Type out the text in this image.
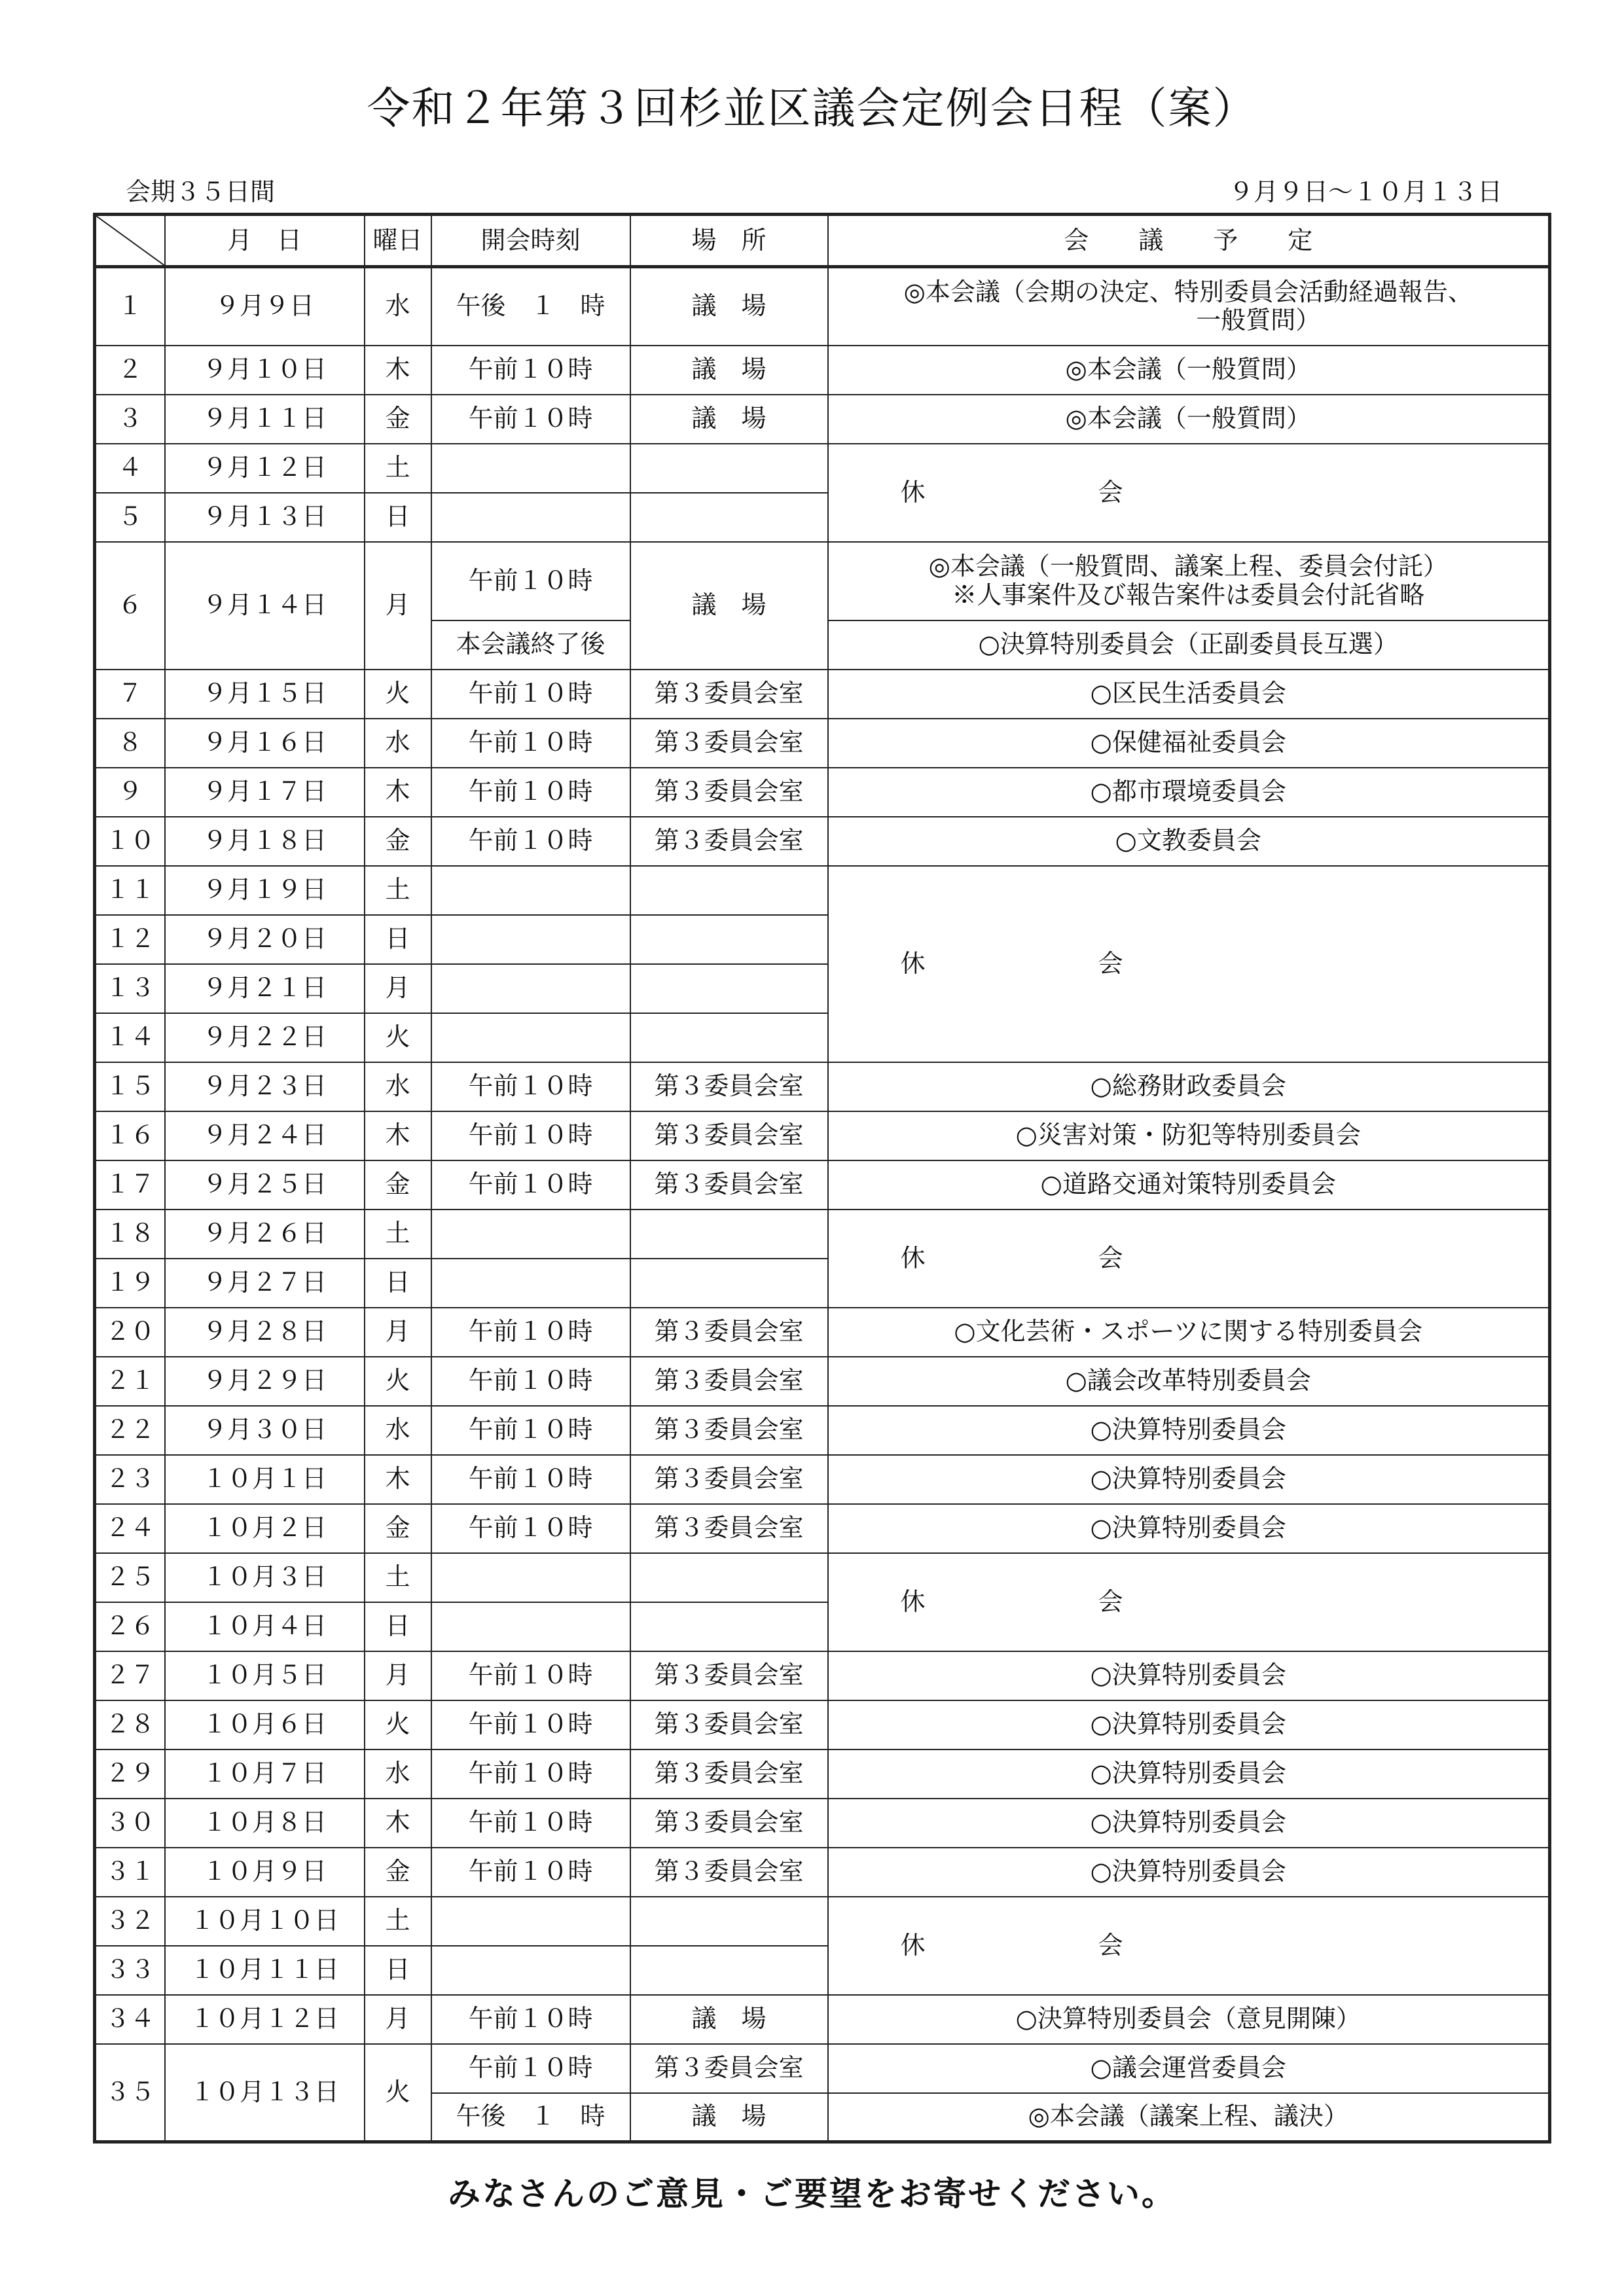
令和２年第３回杉並区議会定例会日程（案）
会期３５日間	９月９日～１０月１３日
	月　日	曜日	開会時刻	場　所	会　　議　　予　　定
１	９月９日	水	午後　１　時	議　場	◎本会議（会期の決定、特別委員会活動経過報告、
一般質問）

２	９月１０日	木	午前１０時	議　場	◎本会議（一般質問）
３	９月１１日	金	午前１０時	議　場	◎本会議（一般質問）
４	９月１２日	土			休 会

５	９月１３日	日			
６	９月１４日	月	午前１０時	議　場	◎本会議（一般質問、議案上程、委員会付託）
※人事案件及び報告案件は委員会付託省略
			本会議終了後		○決算特別委員会（正副委員長互選）
７	９月１５日	火	午前１０時	第３委員会室	○区民生活委員会
８	９月１６日	水	午前１０時	第３委員会室	○保健福祉委員会
９	９月１７日	木	午前１０時	第３委員会室	○都市環境委員会
１０	９月１８日	金	午前１０時	第３委員会室	○文教委員会
１１	９月１９日	土			休 会

１２	９月２０日	日			
１３	９月２１日	月			
１４	９月２２日	火			
１５	９月２３日	水	午前１０時	第３委員会室	○総務財政委員会
１６	９月２４日	木	午前１０時	第３委員会室	○災害対策・防犯等特別委員会
１７	９月２５日	金	午前１０時	第３委員会室	○道路交通対策特別委員会
１８	９月２６日	土			休 会

１９	９月２７日	日			
２０	９月２８日	月	午前１０時	第３委員会室	○文化芸術・スポーツに関する特別委員会
２１	９月２９日	火	午前１０時	第３委員会室	○議会改革特別委員会
２２	９月３０日	水	午前１０時	第３委員会室	○決算特別委員会
２３	１０月１日	木	午前１０時	第３委員会室	○決算特別委員会
２４	１０月２日	金	午前１０時	第３委員会室	○決算特別委員会
２５	１０月３日	土			休 会

２６	１０月４日	日			
２７	１０月５日	月	午前１０時	第３委員会室	○決算特別委員会
２８	１０月６日	火	午前１０時	第３委員会室	○決算特別委員会
２９	１０月７日	水	午前１０時	第３委員会室	○決算特別委員会
３０	１０月８日	木	午前１０時	第３委員会室	○決算特別委員会
３１	１０月９日	金	午前１０時	第３委員会室	○決算特別委員会
３２	１０月１０日	土			休 会

３３	１０月１１日	日			
３４	１０月１２日	月	午前１０時	議　場	○決算特別委員会（意見開陳）
３５	１０月１３日	火	午前１０時	第３委員会室	○議会運営委員会
			午後　１　時	議　場	◎本会議（議案上程、議決）
みなさんのご意見・ご要望をお寄せください。
